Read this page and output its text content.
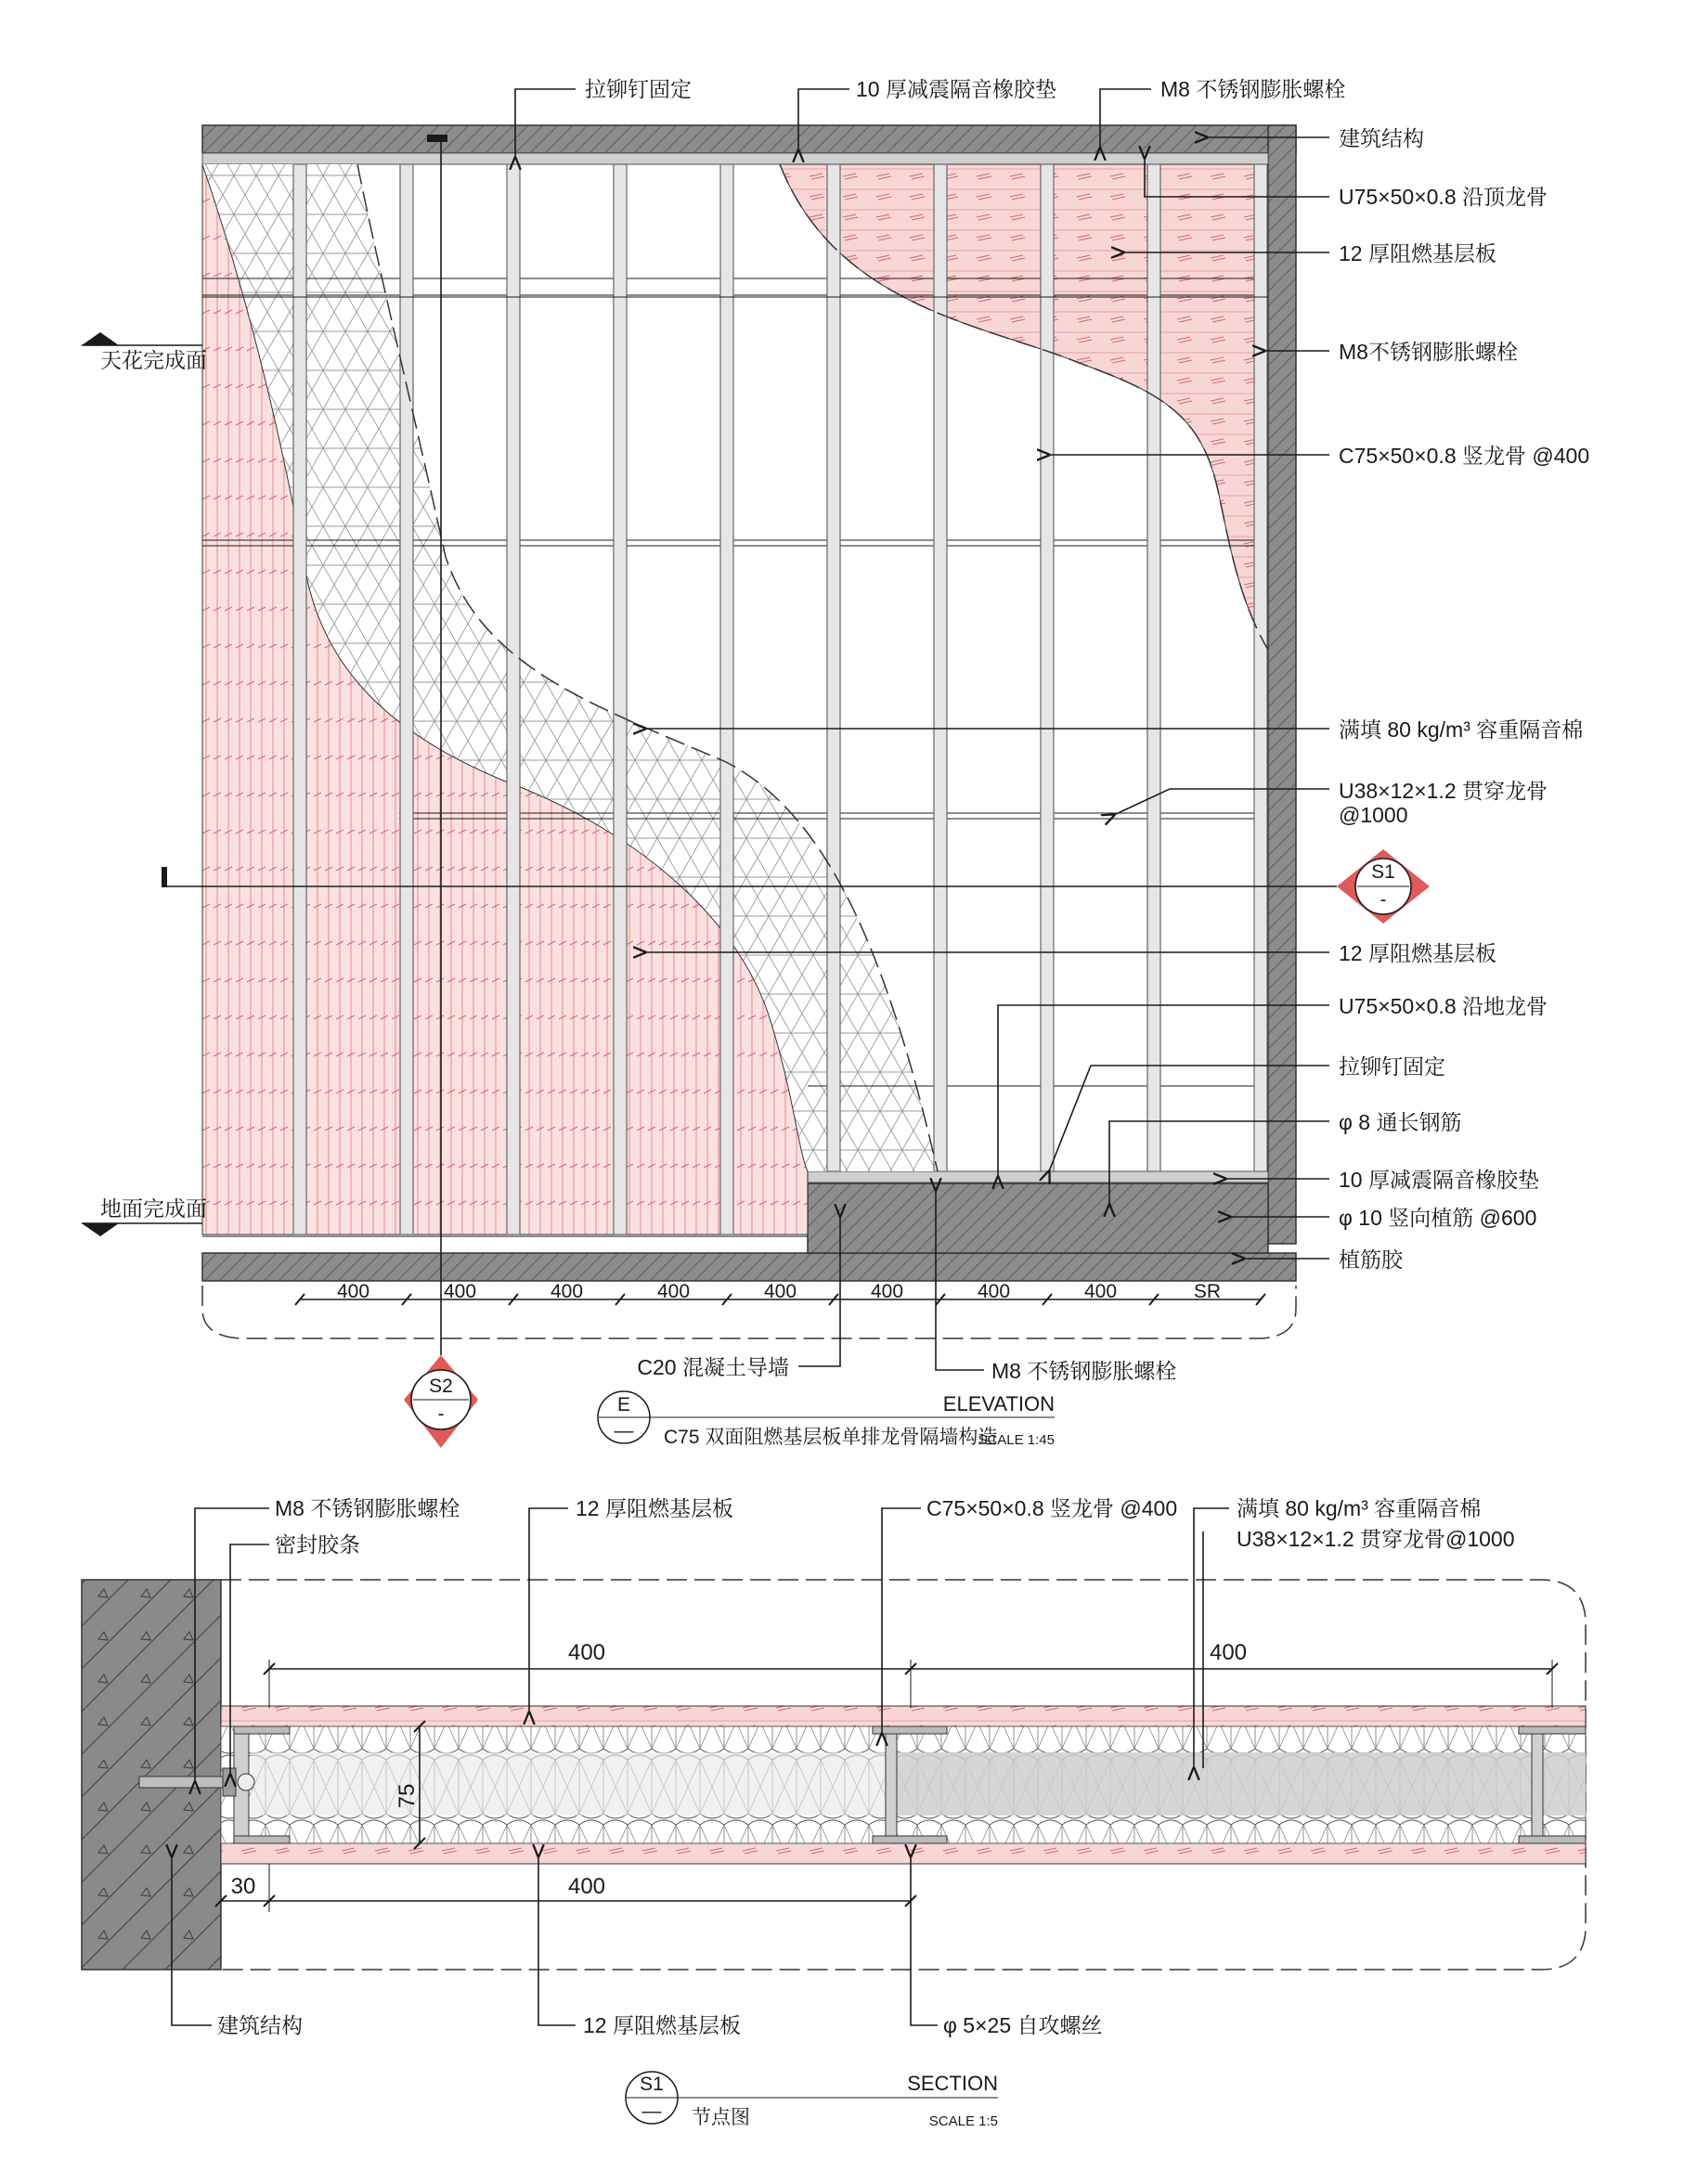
天花完成面
地面完成面
400	400	400	400	400	400	400	400	SR
S1
-
S2
-
拉铆钉固定	10 厚减震隔音橡胶垫	M8 不锈钢膨胀螺栓
建筑结构
U75×50×0.8 沿顶龙骨
12 厚阻燃基层板
M8不锈钢膨胀螺栓
C75×50×0.8 竖龙骨 @400
满填 80 kg/m³ 容重隔音棉
U38×12×1.2 贯穿龙骨
@1000
12 厚阻燃基层板
U75×50×0.8 沿地龙骨
拉铆钉固定
φ 8 通长钢筋
10 厚减震隔音橡胶垫
φ 10 竖向植筋 @600
植筋胶
C20 混凝土导墙	M8 不锈钢膨胀螺栓
E
—
ELEVATION
C75 双面阻燃基层板单排龙骨隔墙构造
SCALE 1:45
400	400
30	400
75
M8 不锈钢膨胀螺栓
密封胶条
12 厚阻燃基层板	C75×50×0.8 竖龙骨 @400	满填 80 kg/m³ 容重隔音棉
U38×12×1.2 贯穿龙骨@1000
建筑结构	12 厚阻燃基层板	φ 5×25 自攻螺丝
S1
—
SECTION
节点图	SCALE 1:5
